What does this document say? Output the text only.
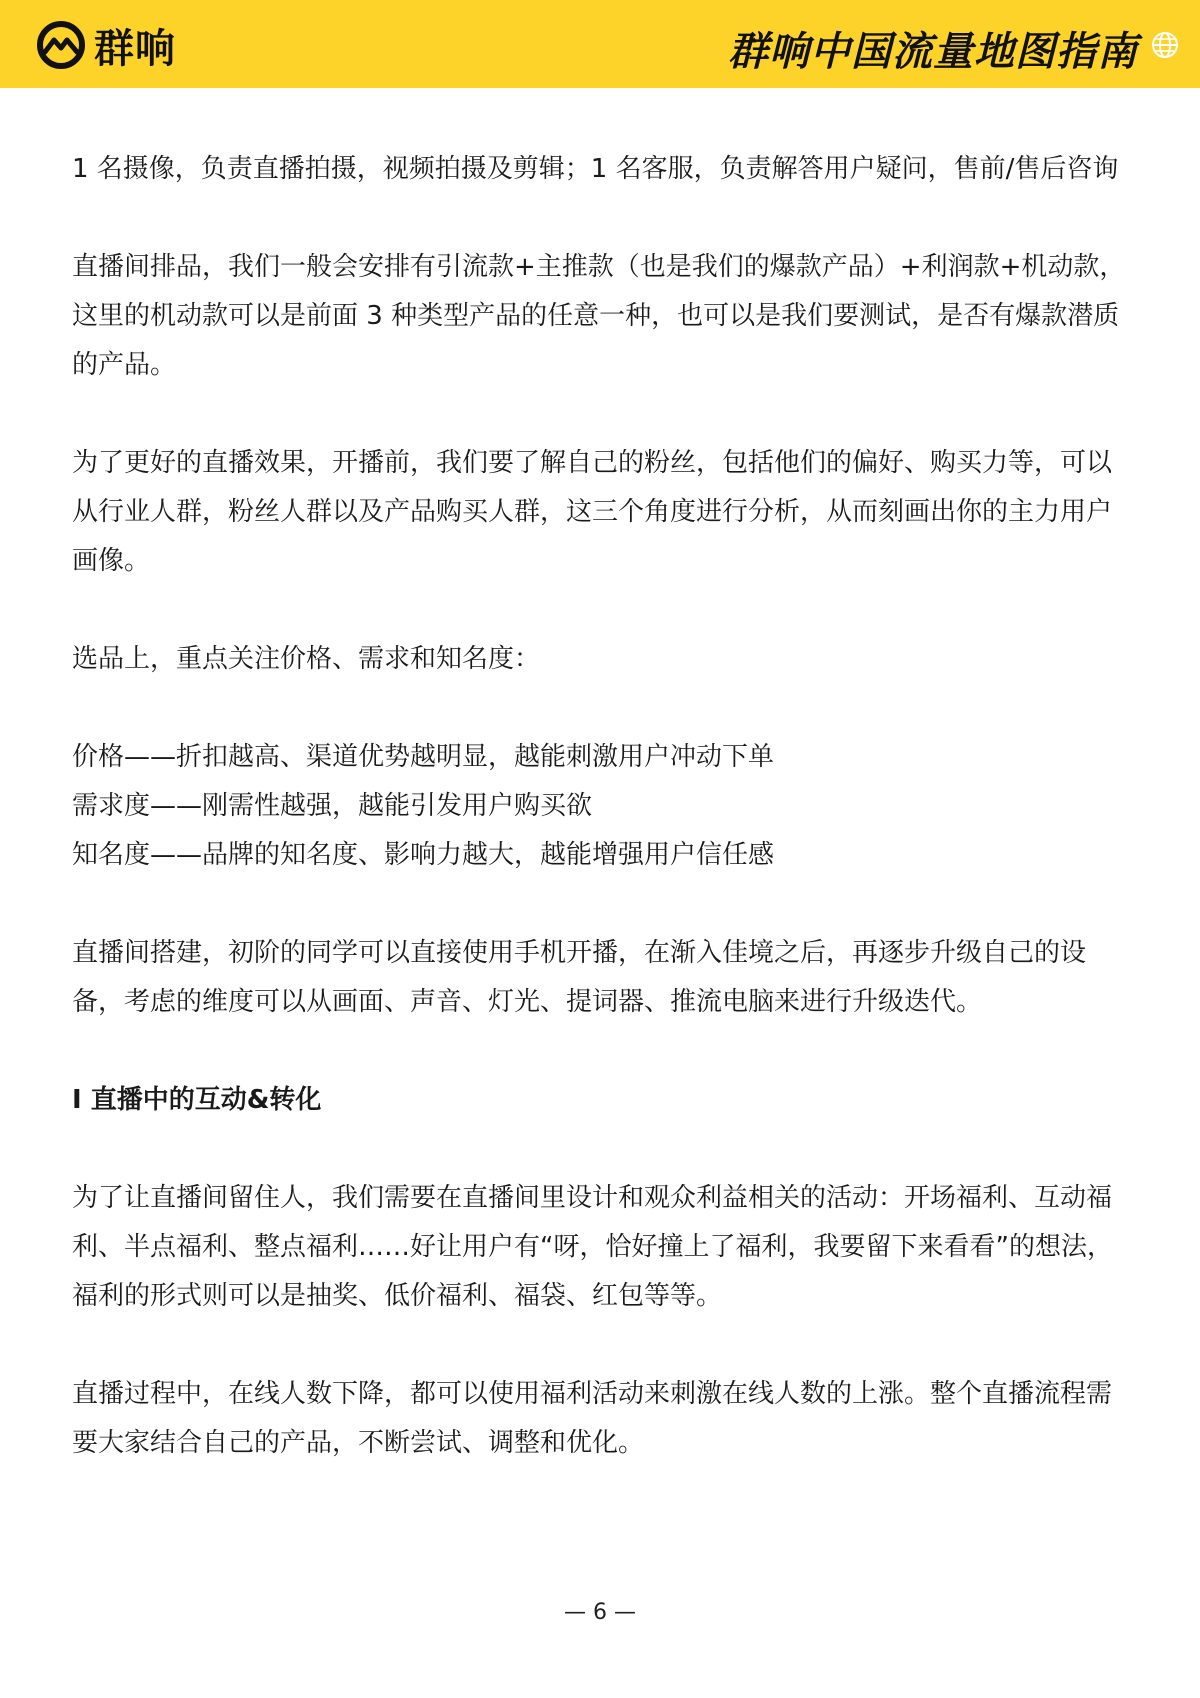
群响	群响中国流量地图指南

1 名摄像，负责直播拍摄，视频拍摄及剪辑；1 名客服，负责解答用户疑问，售前/售后咨询

直播间排品，我们一般会安排有引流款+主推款（也是我们的爆款产品）+利润款+机动款，这里的机动款可以是前面 3 种类型产品的任意一种，也可以是我们要测试，是否有爆款潜质的产品。

为了更好的直播效果，开播前，我们要了解自己的粉丝，包括他们的偏好、购买力等，可以从行业人群，粉丝人群以及产品购买人群，这三个角度进行分析，从而刻画出你的主力用户画像。

选品上，重点关注价格、需求和知名度：

价格——折扣越高、渠道优势越明显，越能刺激用户冲动下单

需求度——刚需性越强，越能引发用户购买欲

知名度——品牌的知名度、影响力越大，越能增强用户信任感

直播间搭建，初阶的同学可以直接使用手机开播，在渐入佳境之后，再逐步升级自己的设备，考虑的维度可以从画面、声音、灯光、提词器、推流电脑来进行升级迭代。

I 直播中的互动&转化

为了让直播间留住人，我们需要在直播间里设计和观众利益相关的活动：开场福利、互动福利、半点福利、整点福利……好让用户有“呀，恰好撞上了福利，我要留下来看看”的想法，福利的形式则可以是抽奖、低价福利、福袋、红包等等。

直播过程中，在线人数下降，都可以使用福利活动来刺激在线人数的上涨。整个直播流程需要大家结合自己的产品，不断尝试、调整和优化。

— 6 —
